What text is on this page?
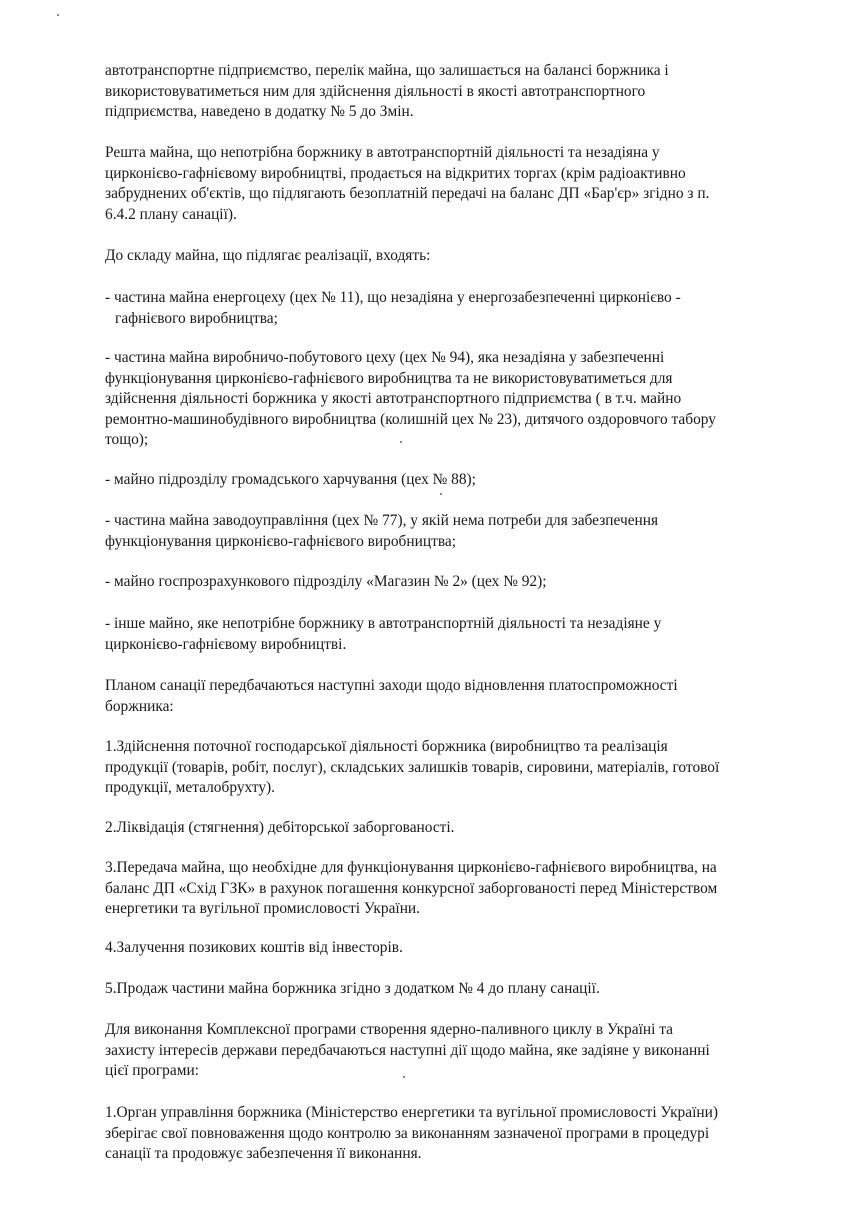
автотранспортне підприємство, перелік майна, що залишається на балансі боржника і
використовуватиметься ним для здійснення діяльності в якості автотранспортного
підприємства, наведено в додатку № 5 до Змін.

Решта майна, що непотрібна боржнику в автотранспортній діяльності та незадіяна у
цирконієво-гафнієвому виробництві, продається на відкритих торгах (крім радіоактивно
забруднених об'єктів, що підлягають безоплатній передачі на баланс ДП «Бар'єр» згідно з п.
6.4.2 плану санації).

До складу майна, що підлягає реалізації, входять:

- частина майна енергоцеху (цех № 11), що незадіяна у енергозабезпеченні цирконієво -
гафнієвого виробництва;

- частина майна виробничо-побутового цеху (цех № 94), яка незадіяна у забезпеченні
функціонування цирконієво-гафнієвого виробництва та не використовуватиметься для
здійснення діяльності боржника у якості автотранспортного підприємства ( в т.ч. майно
ремонтно-машинобудівного виробництва (колишній цех № 23), дитячого оздоровчого табору
тощо);

- майно підрозділу громадського харчування (цех № 88);

- частина майна заводоуправління (цех № 77), у якій нема потреби для забезпечення
функціонування цирконієво-гафнієвого виробництва;

- майно госпрозрахункового підрозділу «Магазин № 2» (цех № 92);

- інше майно, яке непотрібне боржнику в автотранспортній діяльності та незадіяне у
цирконієво-гафнієвому виробництві.

Планом санації передбачаються наступні заходи щодо відновлення платоспроможності
боржника:

1.Здійснення поточної господарської діяльності боржника (виробництво та реалізація
продукції (товарів, робіт, послуг), складських залишків товарів, сировини, матеріалів, готової
продукції, металобрухту).

2.Ліквідація (стягнення) дебіторської заборгованості.

3.Передача майна, що необхідне для функціонування цирконієво-гафнієвого виробництва, на
баланс ДП «Схід ГЗК» в рахунок погашення конкурсної заборгованості перед Міністерством
енергетики та вугільної промисловості України.

4.Залучення позикових коштів від інвесторів.

5.Продаж частини майна боржника згідно з додатком № 4 до плану санації.

Для виконання Комплексної програми створення ядерно-паливного циклу в Україні та
захисту інтересів держави передбачаються наступні дії щодо майна, яке задіяне у виконанні
цієї програми:

1.Орган управління боржника (Міністерство енергетики та вугільної промисловості України)
зберігає свої повноваження щодо контролю за виконанням зазначеної програми в процедурі
санації та продовжує забезпечення її виконання.
